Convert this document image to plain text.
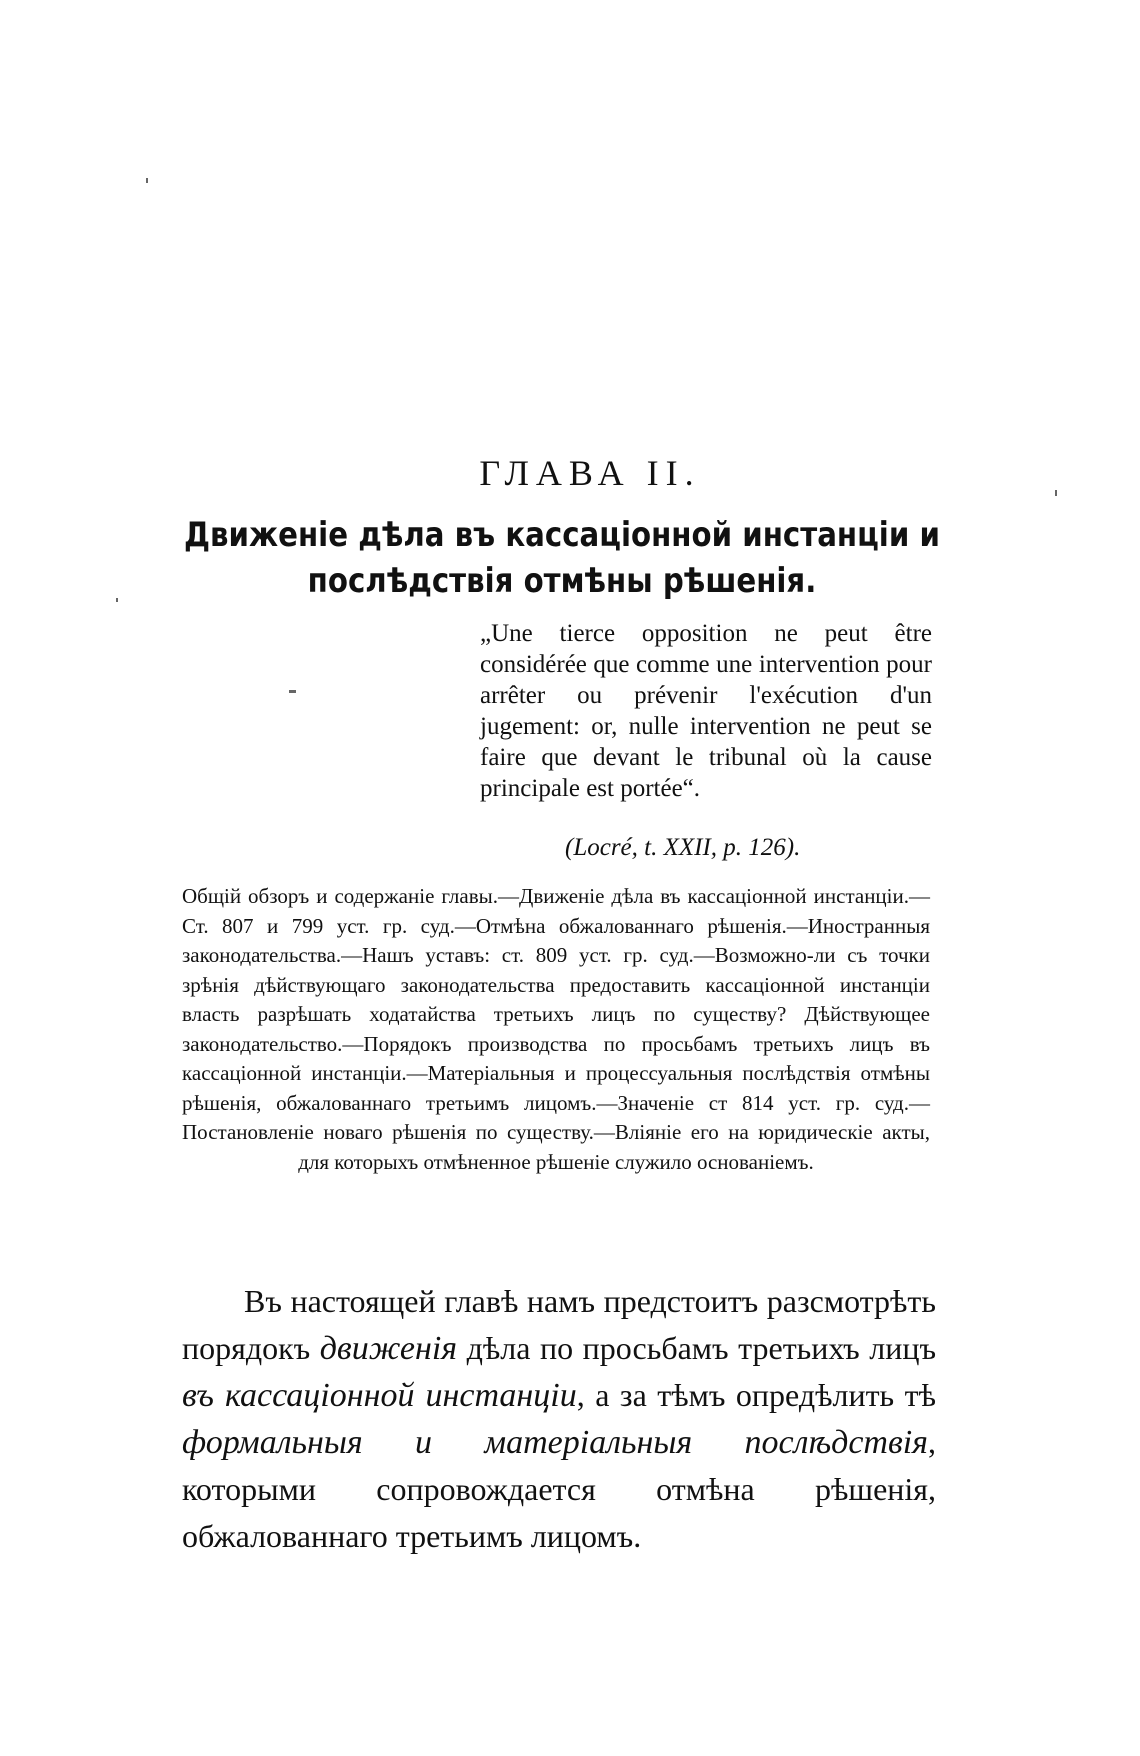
ГЛАВА II.
Движеніе дѣла въ кассаціонной инстанціи и послѣдствія отмѣны рѣшенія.

„Une tierce opposition ne peut être considérée que comme une intervention pour arrêter ou prévenir l'exécution d'un jugement: or, nulle intervention ne peut se faire que devant le tribunal où la cause principale est portée“.

(Locré, t. XXII, p. 126).

Общій обзоръ и содержаніе главы.—Движеніе дѣла въ кассаціонной инстанціи.—Ст. 807 и 799 уст. гр. суд.—Отмѣна обжалованнаго рѣшенія.—Иностранныя законодательства.—Нашъ уставъ: ст. 809 уст. гр. суд.—Возможно-ли съ точки зрѣнія дѣйствующаго законодательства предоставить кассаціонной инстанціи власть разрѣшать ходатайства третьихъ лицъ по существу? Дѣйствующее законодательство.—Порядокъ производства по просьбамъ третьихъ лицъ въ кассаціонной инстанціи.—Матеріальныя и процессуальныя послѣдствія отмѣны рѣшенія, обжалованнаго третьимъ лицомъ.—Значеніе ст 814 уст. гр. суд.—Постановленіе новаго рѣшенія по существу.—Вліяніе его на юридическіе акты, для которыхъ отмѣненное рѣшеніе служило основаніемъ.

Въ настоящей главѣ намъ предстоитъ разсмотрѣть порядокъ движенія дѣла по просьбамъ третьихъ лицъ въ кассаціонной инстанціи, а за тѣмъ опредѣлить тѣ формальныя и матеріальныя послѣдствія, которыми сопровождается отмѣна рѣшенія, обжалованнаго третьимъ лицомъ.
